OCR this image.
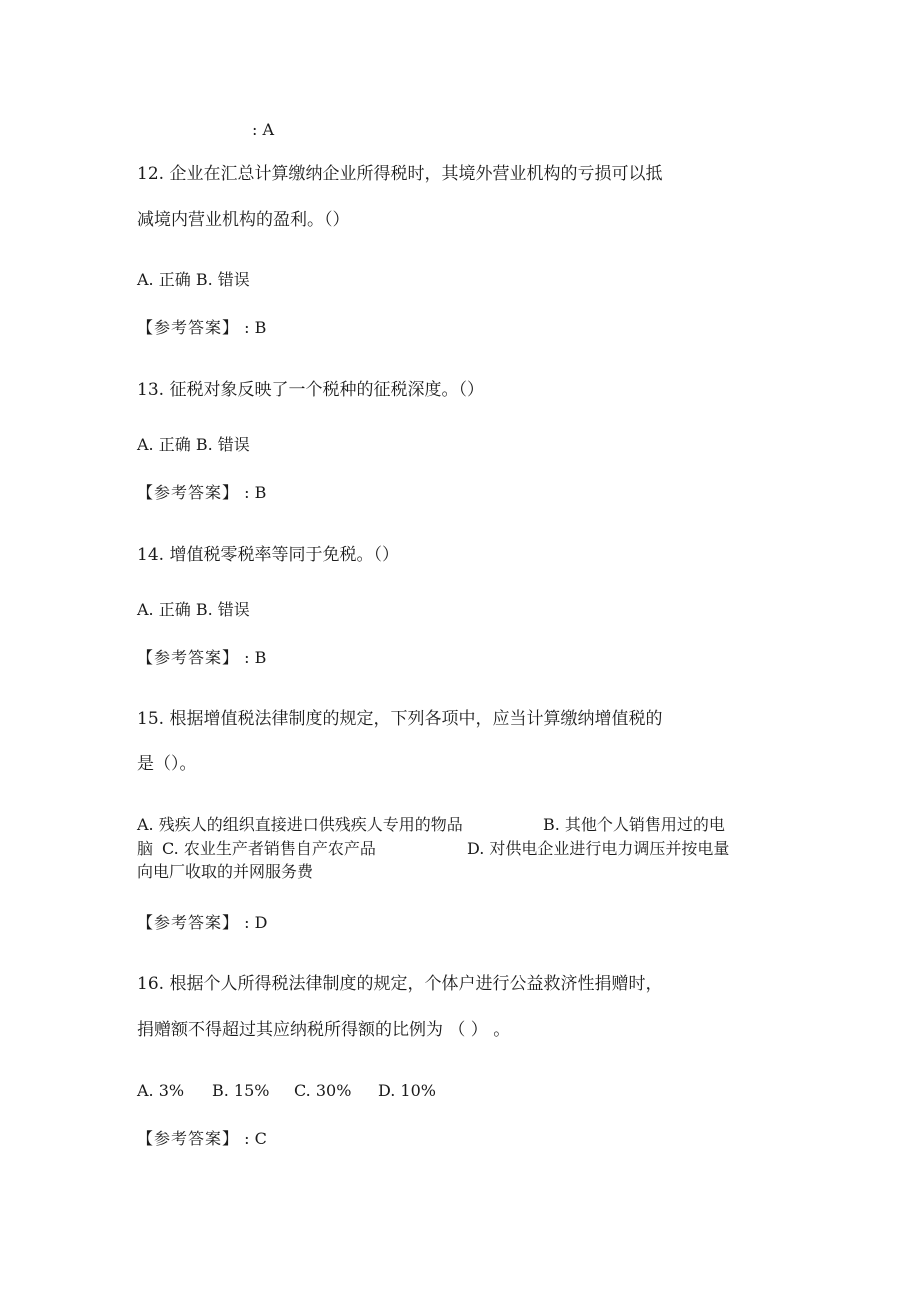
: A
12. 企业在汇总计算缴纳企业所得税时，其境外营业机构的亏损可以抵
减境内营业机构的盈利。（）
A. 正确 B. 错误
【参考答案】 : B
13. 征税对象反映了一个税种的征税深度。（）
A. 正确 B. 错误
【参考答案】 : B
14. 增值税零税率等同于免税。（）
A. 正确 B. 错误
【参考答案】 : B
15. 根据增值税法律制度的规定，下列各项中，应当计算缴纳增值税的
是（）。
A. 残疾人的组织直接进口供残疾人专用的物品	B. 其他个人销售用过的电
脑 C. 农业生产者销售自产农产品	D. 对供电企业进行电力调压并按电量
向电厂收取的并网服务费
【参考答案】 : D
16. 根据个人所得税法律制度的规定，个体户进行公益救济性捐赠时，
捐赠额不得超过其应纳税所得额的比例为 （ ） 。
A. 3% B. 15% C. 30% D. 10%
【参考答案】 : C
